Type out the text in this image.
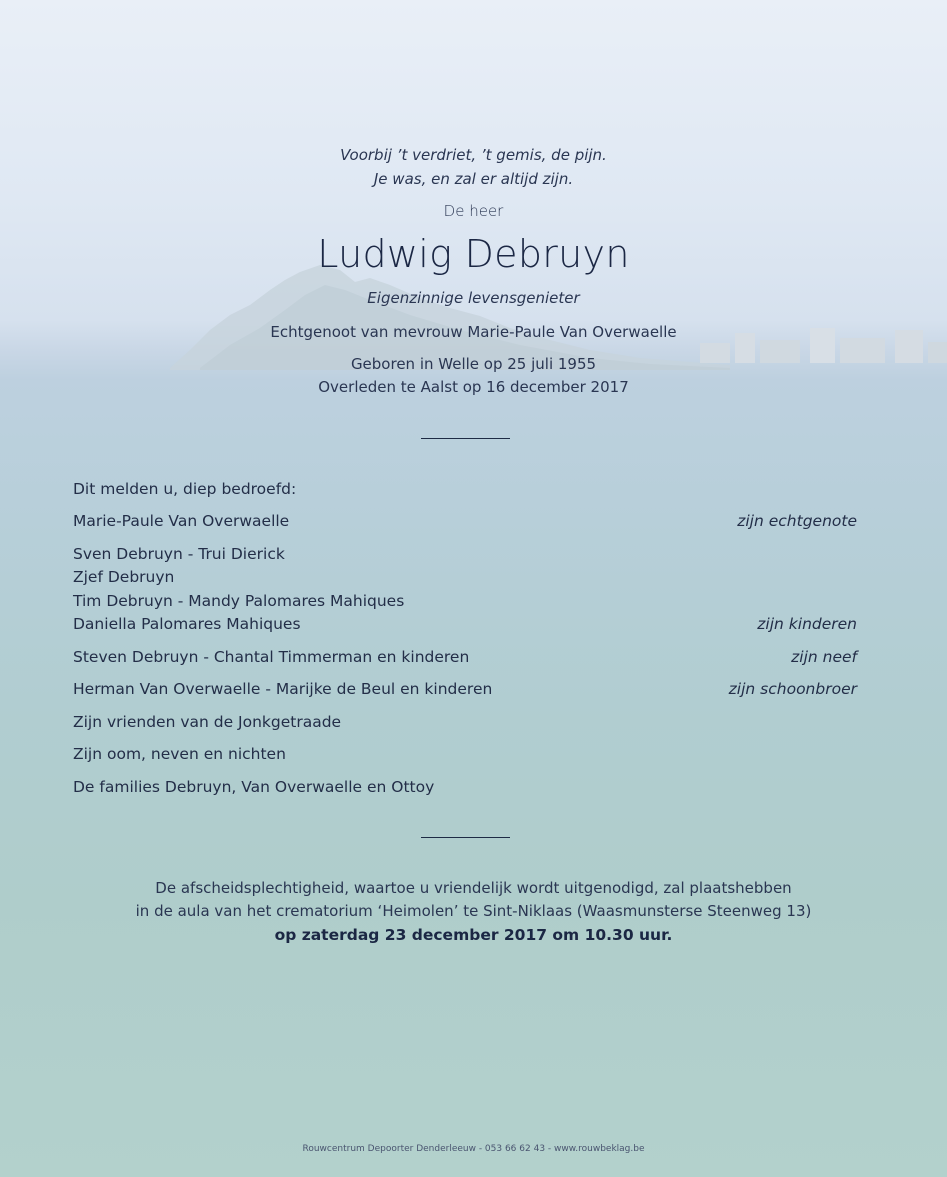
Voorbij ’t verdriet, ’t gemis, de pijn.
Je was, en zal er altijd zijn.
De heer
Ludwig Debruyn
Eigenzinnige levensgenieter
Echtgenoot van mevrouw Marie-Paule Van Overwaelle
Geboren in Welle op 25 juli 1955
Overleden te Aalst op 16 december 2017
Dit melden u, diep bedroefd:
Marie-Paule Van Overwaelle	zijn echtgenote
Sven Debruyn - Trui Dierick
Zjef Debruyn
Tim Debruyn - Mandy Palomares Mahiques
Daniella Palomares Mahiques	zijn kinderen
Steven Debruyn - Chantal Timmerman en kinderen	zijn neef
Herman Van Overwaelle - Marijke de Beul en kinderen	zijn schoonbroer
Zijn vrienden van de Jonkgetraade
Zijn oom, neven en nichten
De families Debruyn, Van Overwaelle en Ottoy
De afscheidsplechtigheid, waartoe u vriendelijk wordt uitgenodigd, zal plaatshebben
in de aula van het crematorium ‘Heimolen’ te Sint-Niklaas (Waasmunsterse Steenweg 13)
op zaterdag 23 december 2017 om 10.30 uur.
Rouwcentrum Depoorter Denderleeuw - 053 66 62 43 - www.rouwbeklag.be
